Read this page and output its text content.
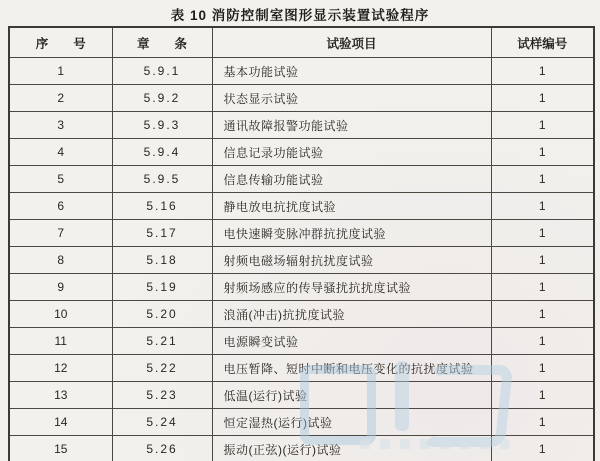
表 10 消防控制室图形显示装置试验程序
序　　号	章　　条	试验项目	试样编号
1	5.9.1	基本功能试验	1
2	5.9.2	状态显示试验	1
3	5.9.3	通讯故障报警功能试验	1
4	5.9.4	信息记录功能试验	1
5	5.9.5	信息传输功能试验	1
6	5.16	静电放电抗扰度试验	1
7	5.17	电快速瞬变脉冲群抗扰度试验	1
8	5.18	射频电磁场辐射抗扰度试验	1
9	5.19	射频场感应的传导骚扰抗扰度试验	1
10	5.20	浪涌(冲击)抗扰度试验	1
11	5.21	电源瞬变试验	1
12	5.22	电压暂降、短时中断和电压变化的抗扰度试验	1
13	5.23	低温(运行)试验	1
14	5.24	恒定湿热(运行)试验	1
15	5.26	振动(正弦)(运行)试验	1
